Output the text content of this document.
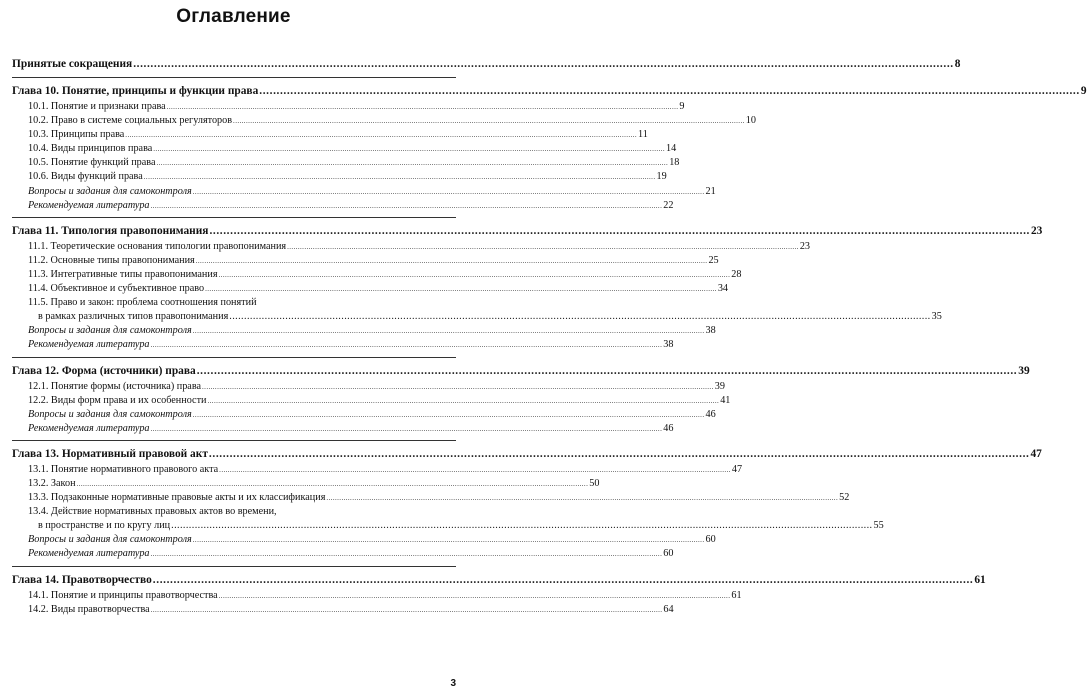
Оглавление
Принятые сокращения .....	8
Глава 10. Понятие, принципы и функции права .....	9
10.1. Понятие и признаки права .....	9
10.2. Право в системе социальных регуляторов .....	10
10.3. Принципы права .....	11
10.4. Виды принципов права .....	14
10.5. Понятие функций права .....	18
10.6. Виды функций права .....	19
Вопросы и задания для самоконтроля .....	21
Рекомендуемая литература .....	22
Глава 11. Типология правопонимания .....	23
11.1. Теоретические основания типологии правопонимания .....	23
11.2. Основные типы правопонимания .....	25
11.3. Интегративные типы правопонимания .....	28
11.4. Объективное и субъективное право .....	34
11.5. Право и закон: проблема соотношения понятий
в рамках различных типов правопонимания .....	35
Вопросы и задания для самоконтроля .....	38
Рекомендуемая литература .....	38
Глава 12. Форма (источники) права .....	39
12.1. Понятие формы (источника) права .....	39
12.2. Виды форм права и их особенности .....	41
Вопросы и задания для самоконтроля .....	46
Рекомендуемая литература .....	46
Глава 13. Нормативный правовой акт .....	47
13.1. Понятие нормативного правового акта .....	47
13.2. Закон .....	50
13.3. Подзаконные нормативные правовые акты и их классификация .....	52
13.4. Действие нормативных правовых актов во времени,
в пространстве и по кругу лиц .....	55
Вопросы и задания для самоконтроля .....	60
Рекомендуемая литература .....	60
Глава 14. Правотворчество .....	61
14.1. Понятие и принципы правотворчества .....	61
14.2. Виды правотворчества .....	64
3
